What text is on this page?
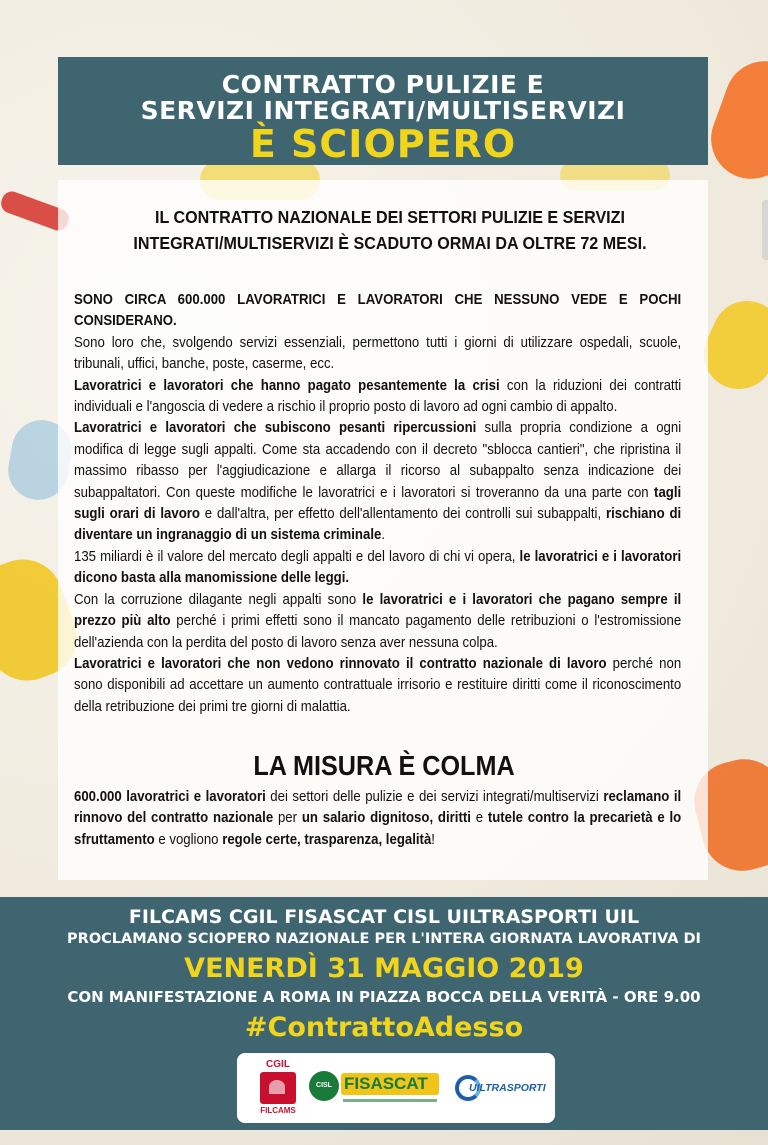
CONTRATTO PULIZIE E
SERVIZI INTEGRATI/MULTISERVIZI
È SCIOPERO
IL CONTRATTO NAZIONALE DEI SETTORI PULIZIE E SERVIZI
INTEGRATI/MULTISERVIZI È SCADUTO ORMAI DA OLTRE 72 MESI.

SONO CIRCA 600.000 LAVORATRICI E LAVORATORI CHE NESSUNO VEDE E POCHI CONSIDERANO.
Sono loro che, svolgendo servizi essenziali, permettono tutti i giorni di utilizzare ospedali, scuole, tribunali, uffici, banche, poste, caserme, ecc.

Lavoratrici e lavoratori che hanno pagato pesantemente la crisi con la riduzioni dei contratti individuali e l'angoscia di vedere a rischio il proprio posto di lavoro ad ogni cambio di appalto.

Lavoratrici e lavoratori che subiscono pesanti ripercussioni sulla propria condizione a ogni modifica di legge sugli appalti. Come sta accadendo con il decreto "sblocca cantieri", che ripristina il massimo ribasso per l'aggiudicazione e allarga il ricorso al subappalto senza indicazione dei subappaltatori. Con queste modifiche le lavoratrici e i lavoratori si troveranno da una parte con tagli sugli orari di lavoro e dall'altra, per effetto dell'allentamento dei controlli sui subappalti, rischiano di diventare un ingranaggio di un sistema criminale.

135 miliardi è il valore del mercato degli appalti e del lavoro di chi vi opera, le lavoratrici e i lavoratori dicono basta alla manomissione delle leggi.

Con la corruzione dilagante negli appalti sono le lavoratrici e i lavoratori che pagano sempre il prezzo più alto perché i primi effetti sono il mancato pagamento delle retribuzioni o l'estromissione dell'azienda con la perdita del posto di lavoro senza aver nessuna colpa.

Lavoratrici e lavoratori che non vedono rinnovato il contratto nazionale di lavoro perché non sono disponibili ad accettare un aumento contrattuale irrisorio e restituire diritti come il riconoscimento della retribuzione dei primi tre giorni di malattia.

LA MISURA È COLMA

600.000 lavoratrici e lavoratori dei settori delle pulizie e dei servizi integrati/multiservizi reclamano il rinnovo del contratto nazionale per un salario dignitoso, diritti e tutele contro la precarietà e lo sfruttamento e vogliono regole certe, trasparenza, legalità!

FILCAMS CGIL FISASCAT CISL UILTRASPORTI UIL
PROCLAMANO SCIOPERO NAZIONALE PER L'INTERA GIORNATA LAVORATIVA DI
VENERDÌ 31 MAGGIO 2019
CON MANIFESTAZIONE A ROMA IN PIAZZA BOCCA DELLA VERITÀ - ORE 9.00
#ContrattoAdesso
CGIL
FILCAMS
CISL FISASCAT	UILTRASPORTI
